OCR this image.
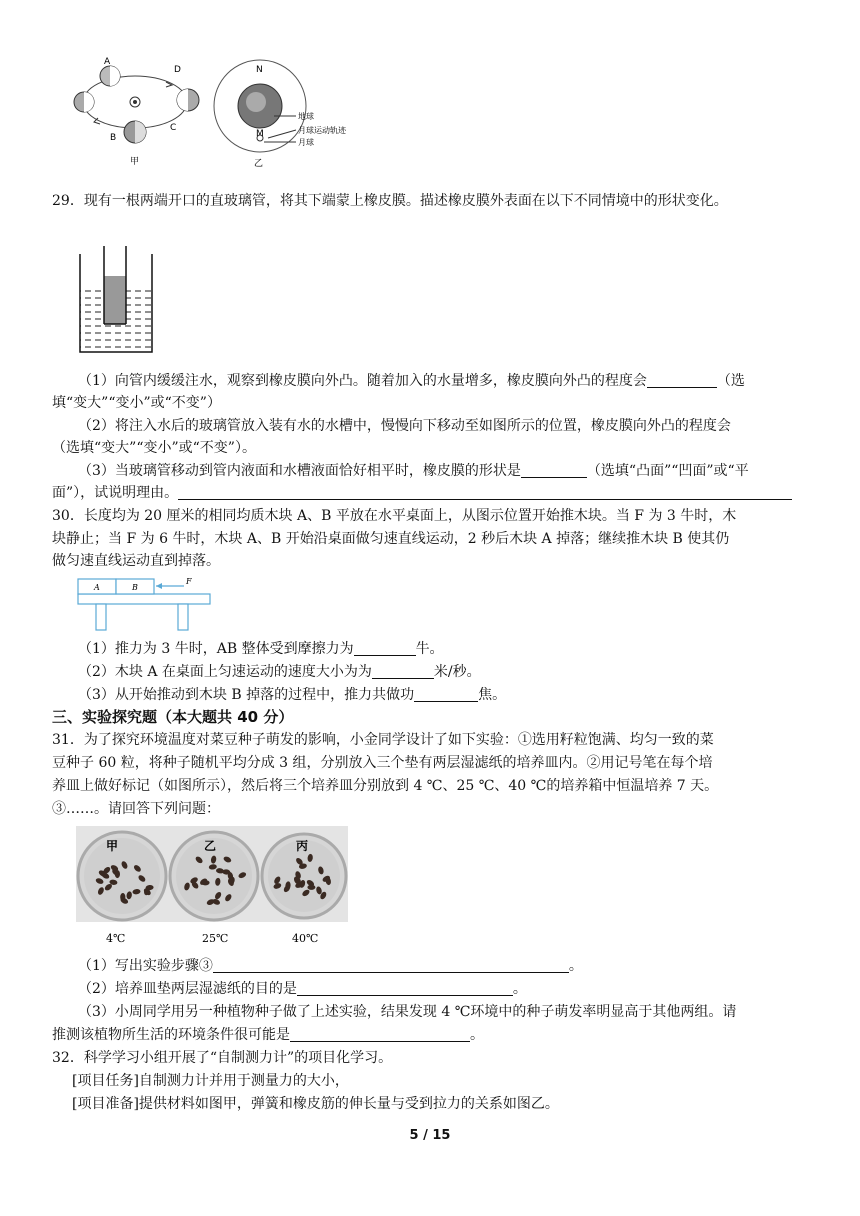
A
D
B
C
甲
N
M
地球
月球运动轨迹
月球
乙
29．现有一根两端开口的直玻璃管，将其下端蒙上橡皮膜。描述橡皮膜外表面在以下不同情境中的形状变化。
（1）向管内缓缓注水，观察到橡皮膜向外凸。随着加入的水量增多，橡皮膜向外凸的程度会	（选
填“变大”“变小”或“不变”）
（2）将注入水后的玻璃管放入装有水的水槽中，慢慢向下移动至如图所示的位置，橡皮膜向外凸的程度会
（选填“变大”“变小”或“不变”）。
（3）当玻璃管移动到管内液面和水槽液面恰好相平时，橡皮膜的形状是	（选填“凸面”“凹面”或“平
面”），试说明理由。
30．长度均为 20 厘米的相同均质木块 A、B 平放在水平桌面上，从图示位置开始推木块。当 F 为 3 牛时，木
块静止；当 F 为 6 牛时，木块 A、B 开始沿桌面做匀速直线运动，2 秒后木块 A 掉落；继续推木块 B 使其仍
做匀速直线运动直到掉落。
A	B
F
（1）推力为 3 牛时，AB 整体受到摩擦力为	牛。
（2）木块 A 在桌面上匀速运动的速度大小为为	米/秒。
（3）从开始推动到木块 B 掉落的过程中，推力共做功	焦。
三、实验探究题（本大题共 40 分）
31．为了探究环境温度对菜豆种子萌发的影响，小金同学设计了如下实验：①选用籽粒饱满、均匀一致的菜
豆种子 60 粒，将种子随机平均分成 3 组，分别放入三个垫有两层湿滤纸的培养皿内。②用记号笔在每个培
养皿上做好标记（如图所示），然后将三个培养皿分别放到 4 ℃、25 ℃、40 ℃的培养箱中恒温培养 7 天。
③……。请回答下列问题：
甲	乙	丙
4℃	25℃	40℃
（1）写出实验步骤③	。
（2）培养皿垫两层湿滤纸的目的是	。
（3）小周同学用另一种植物种子做了上述实验，结果发现 4 ℃环境中的种子萌发率明显高于其他两组。请
推测该植物所生活的环境条件很可能是	。
32．科学学习小组开展了“自制测力计”的项目化学习。
[项目任务]自制测力计并用于测量力的大小，
[项目准备]提供材料如图甲，弹簧和橡皮筋的伸长量与受到拉力的关系如图乙。
5 / 15
